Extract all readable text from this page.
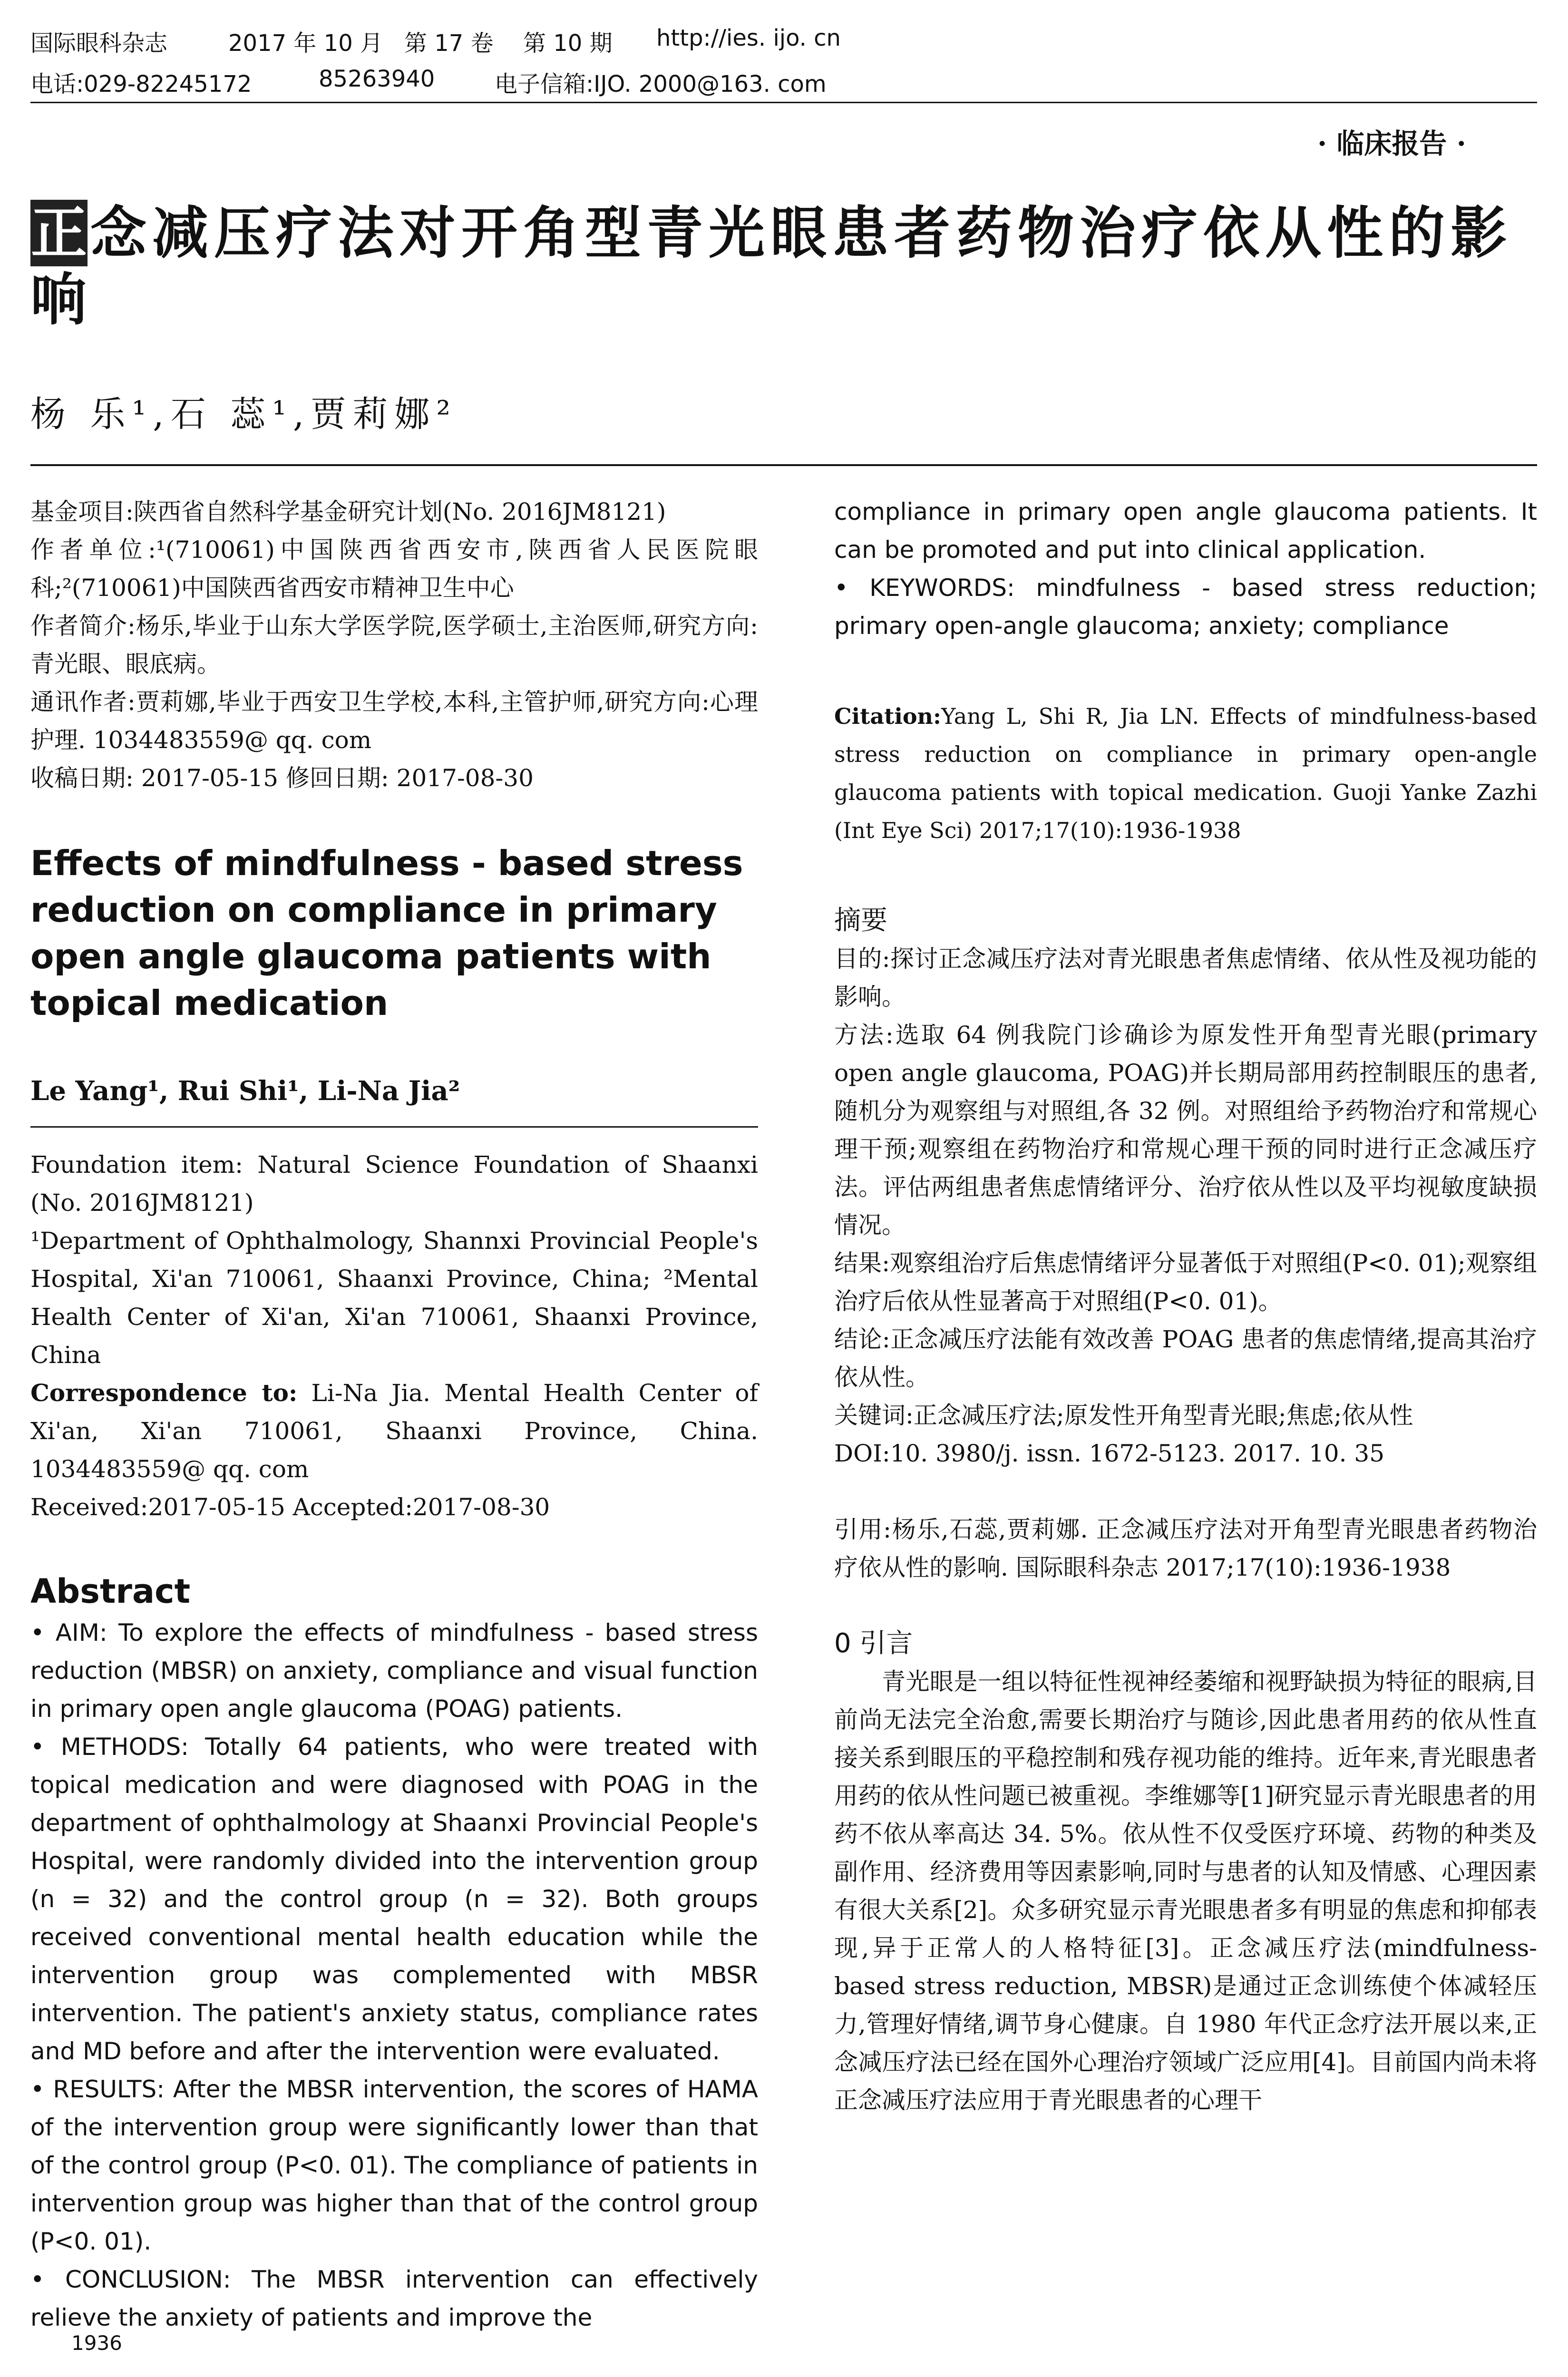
国际眼科杂志	2017 年 10 月 第 17 卷 第 10 期 http://ies. ijo. cn
电话:029-82245172	85263940	电子信箱:IJO. 2000@163. com
· 临床报告 ·
正念减压疗法对开角型青光眼患者药物治疗依从性的影响
杨 乐¹,石 蕊¹,贾莉娜²

基金项目:陕西省自然科学基金研究计划(No. 2016JM8121)

作者单位:¹(710061)中国陕西省西安市,陕西省人民医院眼科;²(710061)中国陕西省西安市精神卫生中心

作者简介:杨乐,毕业于山东大学医学院,医学硕士,主治医师,研究方向:青光眼、眼底病。

通讯作者:贾莉娜,毕业于西安卫生学校,本科,主管护师,研究方向:心理护理. 1034483559@ qq. com

收稿日期: 2017-05-15 修回日期: 2017-08-30

Effects of mindfulness - based stress reduction on compliance in primary open angle glaucoma patients with topical medication

Le Yang¹, Rui Shi¹, Li-Na Jia²

Foundation item: Natural Science Foundation of Shaanxi (No. 2016JM8121)

¹Department of Ophthalmology, Shannxi Provincial People's Hospital, Xi'an 710061, Shaanxi Province, China; ²Mental Health Center of Xi'an, Xi'an 710061, Shaanxi Province, China

Correspondence to: Li-Na Jia. Mental Health Center of Xi'an, Xi'an 710061, Shaanxi Province, China. 1034483559@ qq. com

Received:2017-05-15 Accepted:2017-08-30

Abstract

• AIM: To explore the effects of mindfulness - based stress reduction (MBSR) on anxiety, compliance and visual function in primary open angle glaucoma (POAG) patients.

• METHODS: Totally 64 patients, who were treated with topical medication and were diagnosed with POAG in the department of ophthalmology at Shaanxi Provincial People's Hospital, were randomly divided into the intervention group (n = 32) and the control group (n = 32). Both groups received conventional mental health education while the intervention group was complemented with MBSR intervention. The patient's anxiety status, compliance rates and MD before and after the intervention were evaluated.

• RESULTS: After the MBSR intervention, the scores of HAMA of the intervention group were significantly lower than that of the control group (P<0. 01). The compliance of patients in intervention group was higher than that of the control group (P<0. 01).

• CONCLUSION: The MBSR intervention can effectively relieve the anxiety of patients and improve the

1936

compliance in primary open angle glaucoma patients. It can be promoted and put into clinical application.

• KEYWORDS: mindfulness - based stress reduction; primary open-angle glaucoma; anxiety; compliance

Citation:Yang L, Shi R, Jia LN. Effects of mindfulness-based stress reduction on compliance in primary open-angle glaucoma patients with topical medication. Guoji Yanke Zazhi (Int Eye Sci) 2017;17(10):1936-1938

摘要

目的:探讨正念减压疗法对青光眼患者焦虑情绪、依从性及视功能的影响。

方法:选取 64 例我院门诊确诊为原发性开角型青光眼(primary open angle glaucoma, POAG)并长期局部用药控制眼压的患者,随机分为观察组与对照组,各 32 例。对照组给予药物治疗和常规心理干预;观察组在药物治疗和常规心理干预的同时进行正念减压疗法。评估两组患者焦虑情绪评分、治疗依从性以及平均视敏度缺损情况。

结果:观察组治疗后焦虑情绪评分显著低于对照组(P<0. 01);观察组治疗后依从性显著高于对照组(P<0. 01)。

结论:正念减压疗法能有效改善 POAG 患者的焦虑情绪,提高其治疗依从性。

关键词:正念减压疗法;原发性开角型青光眼;焦虑;依从性

DOI:10. 3980/j. issn. 1672-5123. 2017. 10. 35

引用:杨乐,石蕊,贾莉娜. 正念减压疗法对开角型青光眼患者药物治疗依从性的影响. 国际眼科杂志 2017;17(10):1936-1938

0 引言

青光眼是一组以特征性视神经萎缩和视野缺损为特征的眼病,目前尚无法完全治愈,需要长期治疗与随诊,因此患者用药的依从性直接关系到眼压的平稳控制和残存视功能的维持。近年来,青光眼患者用药的依从性问题已被重视。李维娜等[1]研究显示青光眼患者的用药不依从率高达 34. 5%。依从性不仅受医疗环境、药物的种类及副作用、经济费用等因素影响,同时与患者的认知及情感、心理因素有很大关系[2]。众多研究显示青光眼患者多有明显的焦虑和抑郁表现,异于正常人的人格特征[3]。正念减压疗法(mindfulness-based stress reduction, MBSR)是通过正念训练使个体减轻压力,管理好情绪,调节身心健康。自 1980 年代正念疗法开展以来,正念减压疗法已经在国外心理治疗领域广泛应用[4]。目前国内尚未将正念减压疗法应用于青光眼患者的心理干
